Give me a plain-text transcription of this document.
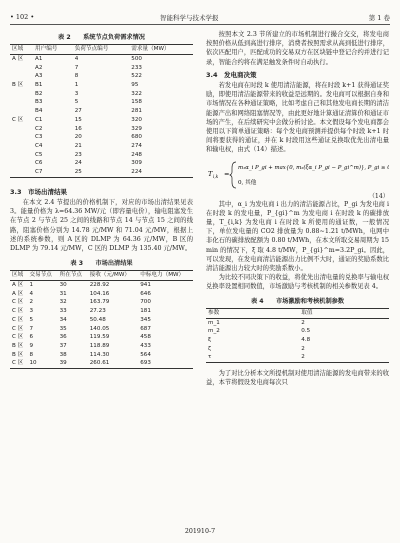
• 102 •	智能科学与技术学报	第 1 卷
表 2　　系统节点负荷需求情况
区域	用户编号	负荷节点编号	需求量（MW）
A 区	A1	4	500
	A2	7	233
	A3	8	522
B 区	B1	1	95
	B2	3	322
	B3	5	158
	B4	27	281
C 区	C1	15	320
	C2	16	329
	C3	20	680
	C4	21	274
	C5	23	248
	C6	24	309
	C7	25	224
3.3　市场出清结果

在本文 2.4 节提出的价格机制下，对应的市场出清结果见表 3。能量价格为 λ=64.36 MW/元（即容量电价），输电阻塞发生在节点 2 与节点 25 之间的线路和节点 14 与节点 15 之间的线路，阻塞价格分别为 14.78 元/MW 和 71.04 元/MW，根据上述的系统参数，则 A 区的 DLMP 为 64.36 元/MW，B 区的 DLMP 为 79.14 元/MW，C 区的 DLMP 为 135.40 元/MW。

表 3　　市场出清结果
区域	交易节点	所在节点	接收（元/MW）	中标电力（MW）
A 区	1	30	228.92	941
A 区	4	31	104.16	646
C 区	2	32	163.79	700
C 区	3	33	27.23	181
C 区	5	34	50.48	345
C 区	7	35	140.05	687
C 区	6	36	119.59	458
B 区	9	37	118.89	433
B 区	8	38	114.30	564
C 区	10	39	260.61	693

按照本文 2.3 节所建立的市场机制进行撮合交交，将发电商按照价格从低到高进行排序，消费者按照需求从高到低进行排序，依次匹配用户，匹配成功的交易双方在区块链中登记合约并进行记录，智能合约将在满足触发条件时自动执行。

3.4　发电商决策

若发电商在时段 k 使用清洁能源，将在时段 k+1 获得通证奖励，即使用清洁能源带来的收益是远期的。发电商可以根据自身和市场情况在各种通证策略，比如考虑自己和其他发电商长期的清洁能源产出和网络阻塞情况等，由此更好地计算通证清算价和通证市场的产生，在后续研究中会做分析讨论。本文假设每个发电商都会使用以下简单通证策略：每个发电商预测并提供每个时段 k+1 时间将要获得的通证，并在 k 时段用这些通证兑换取优先出清电量和输电权，由式（14）描述。

T i,k =
m₁α_i P_gi + max{0, m₂(ξα_i P_gi − P_gi^m)}, P_gi ≥ 0
0, 其他
（14）

其中，α_i 为发电商 i 出力的清洁能源占比，P_gi 为发电商 i 在时段 k 的发电量，P_{gi}^m 为发电商 i 在时段 k 的碳排放量，T_{i,k} 为发电商 i 在时段 k 所使用的通证数，一般情况下，单位发电量的 CO2 排放量为 0.88~1.21 t/MWh，电网中非化石的碳排放配额为 0.80 t/MWh，在本文所取交易周期为 15 min 的情况下，ξ 取 4.8 t/MW，P_{gi}^m=3.2P_gi。因此，可以发现，在发电商清洁能源出力比例不大时，通证的奖励系数比清洁能源出力较大时的奖励系数小。

为比较不同决策下的收益，将优先出清电量的兑换率与输电权兑换率设置相同数值，市场激励与考核机制的相关参数见表 4。

表 4　　市场激励和考核机制参数
参数	取值
m_1	2
m_2	0.5
ξ	4.8
ζ	2
τ	2

为了对比分析本文所提机制对使用清洁能源的发电商带来的收益，本节将假设发电商每次只

201910-7
